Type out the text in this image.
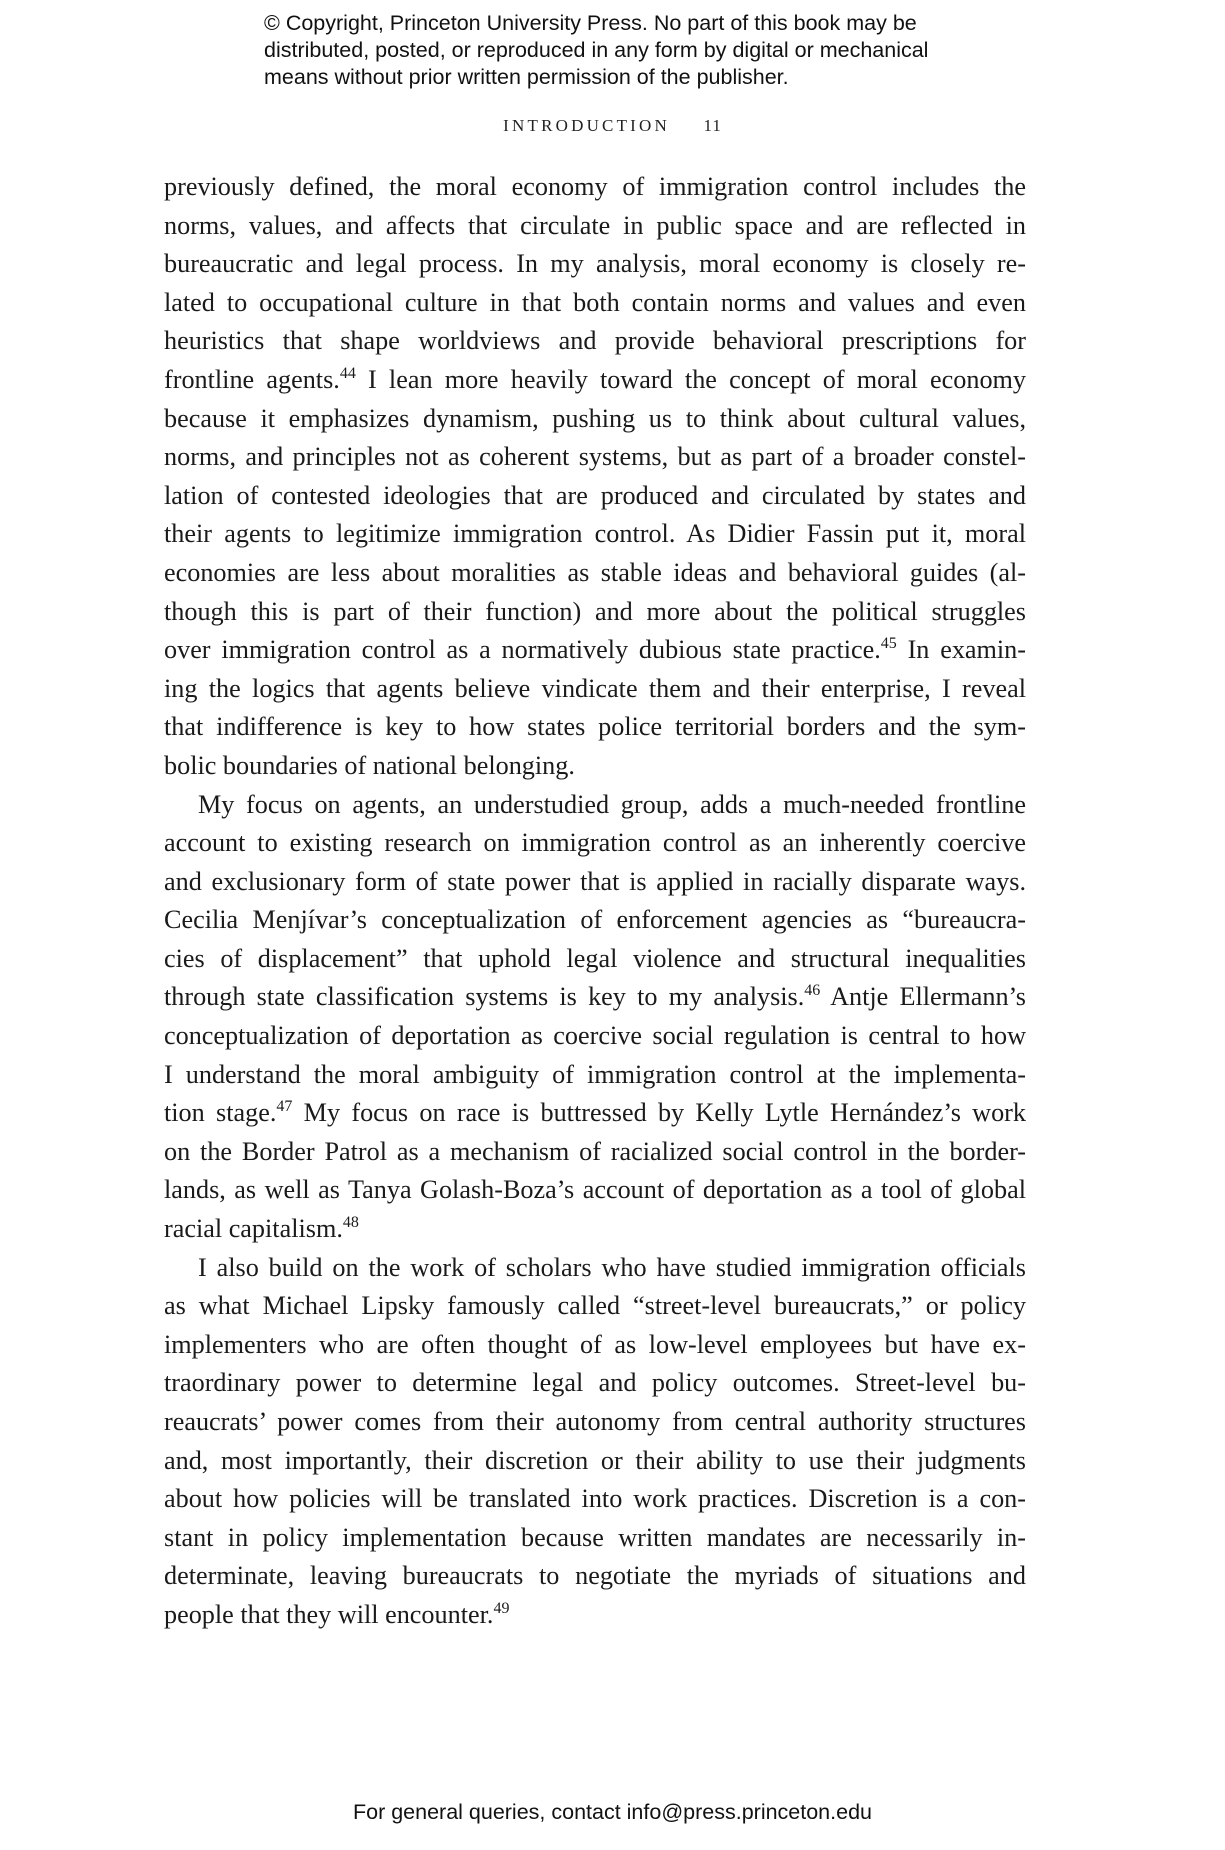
© Copyright, Princeton University Press. No part of this book may be
distributed, posted, or reproduced in any form by digital or mechanical
means without prior written permission of the publisher.
INTRODUCTION 11
previously defined, the moral economy of immigration control includes the
norms, values, and affects that circulate in public space and are reflected in
bureaucratic and legal process. In my analysis, moral economy is closely re-
lated to occupational culture in that both contain norms and values and even
heuristics that shape worldviews and provide behavioral prescriptions for
frontline agents.$^{44}$ I lean more heavily toward the concept of moral economy
because it emphasizes dynamism, pushing us to think about cultural values,
norms, and principles not as coherent systems, but as part of a broader constel-
lation of contested ideologies that are produced and circulated by states and
their agents to legitimize immigration control. As Didier Fassin put it, moral
economies are less about moralities as stable ideas and behavioral guides (al-
though this is part of their function) and more about the political struggles
over immigration control as a normatively dubious state practice.$^{45}$ In examin-
ing the logics that agents believe vindicate them and their enterprise, I reveal
that indifference is key to how states police territorial borders and the sym-
bolic boundaries of national belonging.
My focus on agents, an understudied group, adds a much-needed frontline
account to existing research on immigration control as an inherently coercive
and exclusionary form of state power that is applied in racially disparate ways.
Cecilia Menjívar’s conceptualization of enforcement agencies as “bureaucra-
cies of displacement” that uphold legal violence and structural inequalities
through state classification systems is key to my analysis.$^{46}$ Antje Ellermann’s
conceptualization of deportation as coercive social regulation is central to how
I understand the moral ambiguity of immigration control at the implementa-
tion stage.$^{47}$ My focus on race is buttressed by Kelly Lytle Hernández’s work
on the Border Patrol as a mechanism of racialized social control in the border-
lands, as well as Tanya Golash-Boza’s account of deportation as a tool of global
racial capitalism.$^{48}$
I also build on the work of scholars who have studied immigration officials
as what Michael Lipsky famously called “street-level bureaucrats,” or policy
implementers who are often thought of as low-level employees but have ex-
traordinary power to determine legal and policy outcomes. Street-level bu-
reaucrats’ power comes from their autonomy from central authority structures
and, most importantly, their discretion or their ability to use their judgments
about how policies will be translated into work practices. Discretion is a con-
stant in policy implementation because written mandates are necessarily in-
determinate, leaving bureaucrats to negotiate the myriads of situations and
people that they will encounter.$^{49}$
For general queries, contact info@press.princeton.edu
